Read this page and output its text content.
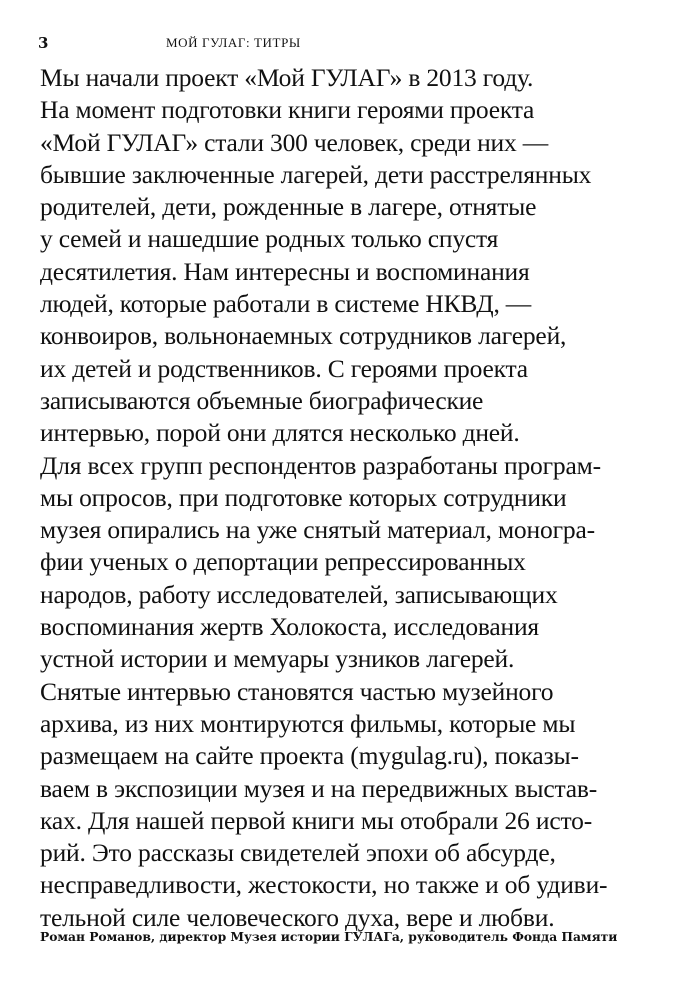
3	МОЙ ГУЛАГ: ТИТРЫ
Мы начали проект «Мой ГУЛАГ» в 2013 году.
На момент подготовки книги героями проекта
«Мой ГУЛАГ» стали 300 человек, среди них —
бывшие заключенные лагерей, дети расстрелянных
родителей, дети, рожденные в лагере, отнятые
у семей и нашедшие родных только спустя
десятилетия. Нам интересны и воспоминания
людей, которые работали в системе НКВД, —
конвоиров, вольнонаемных сотрудников лагерей,
их детей и родственников. С героями проекта
записываются объемные биографические
интервью, порой они длятся несколько дней.
Для всех групп респондентов разработаны програм-
мы опросов, при подготовке которых сотрудники
музея опирались на уже снятый материал, моногра-
фии ученых о депортации репрессированных
народов, работу исследователей, записывающих
воспоминания жертв Холокоста, исследования
устной истории и мемуары узников лагерей.
Снятые интервью становятся частью музейного
архива, из них монтируются фильмы, которые мы
размещаем на сайте проекта (mygulag.ru), показы-
ваем в экспозиции музея и на передвижных выстав-
ках. Для нашей первой книги мы отобрали 26 исто-
рий. Это рассказы свидетелей эпохи об абсурде,
несправедливости, жестокости, но также и об удиви-
тельной силе человеческого духа, вере и любви.
Роман Романов, директор Музея истории ГУЛАГа, руководитель Фонда Памяти
